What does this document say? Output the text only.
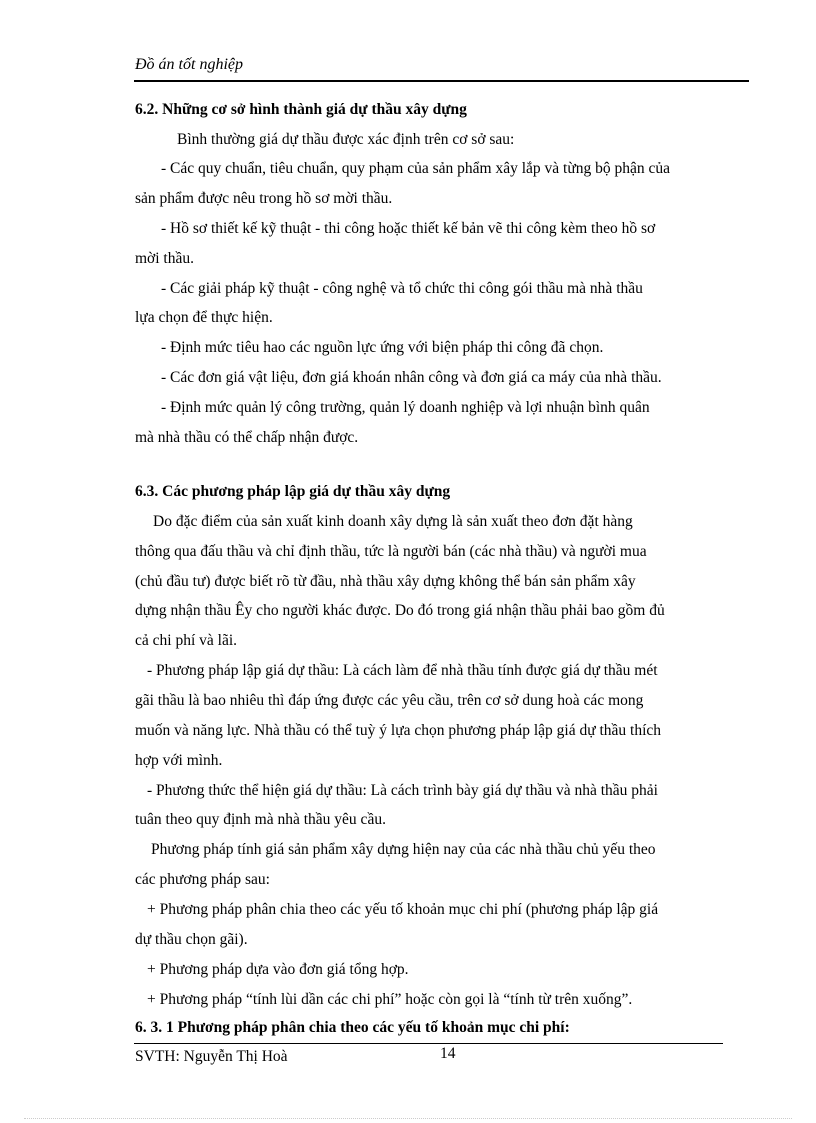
Đồ án tốt nghiệp
6.2. Những cơ sở hình thành giá dự thầu xây dựng
Bình thường giá dự thầu được xác định trên cơ sở sau:
- Các quy chuẩn, tiêu chuẩn, quy phạm của sản phẩm xây lắp và từng bộ phận của
sản phẩm được nêu trong hồ sơ mời thầu.
- Hồ sơ thiết kế kỹ thuật - thi công hoặc thiết kế bản vẽ thi công kèm theo hồ sơ
mời thầu.
- Các giải pháp kỹ thuật - công nghệ và tổ chức thi công gói thầu mà nhà thầu
lựa chọn để thực hiện.
- Định mức tiêu hao các nguồn lực ứng với biện pháp thi công đã chọn.
- Các đơn giá vật liệu, đơn giá khoán nhân công và đơn giá ca máy của nhà thầu.
- Định mức quản lý công trường, quản lý doanh nghiệp và lợi nhuận bình quân
mà nhà thầu có thể chấp nhận được.
6.3. Các phương pháp lập giá dự thầu xây dựng
Do đặc điểm của sản xuất kinh doanh xây dựng là sản xuất theo đơn đặt hàng
thông qua đấu thầu và chỉ định thầu, tức là người bán (các nhà thầu) và người mua
(chủ đầu tư) được biết rõ từ đầu, nhà thầu xây dựng không thể bán sản phẩm xây
dựng nhận thầu Êy cho người khác được. Do đó trong giá nhận thầu phải bao gồm đủ
cả chi phí và lãi.
- Phương pháp lập giá dự thầu: Là cách làm để nhà thầu tính được giá dự thầu mét
gãi thầu là bao nhiêu thì đáp ứng được các yêu cầu, trên cơ sở dung hoà các mong
muốn và năng lực. Nhà thầu có thể tuỳ ý lựa chọn phương pháp lập giá dự thầu thích
hợp với mình.
- Phương thức thể hiện giá dự thầu: Là cách trình bày giá dự thầu và nhà thầu phải
tuân theo quy định mà nhà thầu yêu cầu.
Phương pháp tính giá sản phẩm xây dựng hiện nay của các nhà thầu chủ yếu theo
các phương pháp sau:
+ Phương pháp phân chia theo các yếu tố khoản mục chi phí (phương pháp lập giá
dự thầu chọn gãi).
+ Phương pháp dựa vào đơn giá tổng hợp.
+ Phương pháp “tính lùi dần các chi phí” hoặc còn gọi là “tính từ trên xuống”.
6. 3. 1 Phương pháp phân chia theo các yếu tố khoản mục chi phí:
SVTH: Nguyễn Thị Hoà	14
